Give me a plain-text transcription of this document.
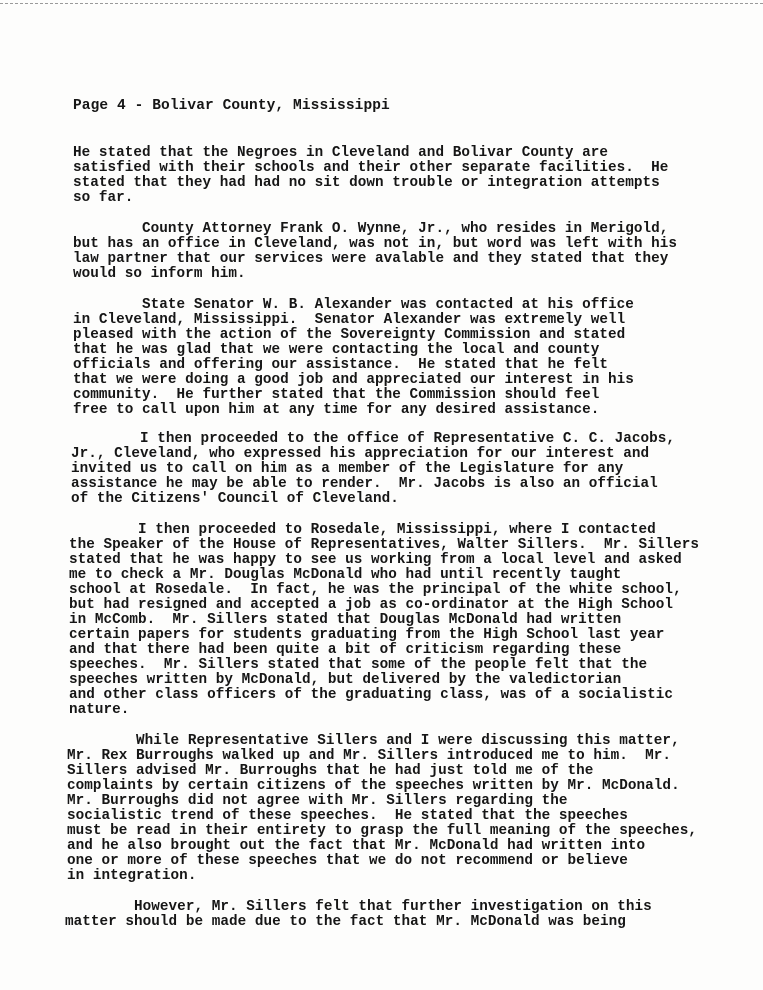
Page 4 - Bolivar County, Mississippi
He stated that the Negroes in Cleveland and Bolivar County are
satisfied with their schools and their other separate facilities.  He
stated that they had had no sit down trouble or integration attempts
so far.
County Attorney Frank O. Wynne, Jr., who resides in Merigold,
but has an office in Cleveland, was not in, but word was left with his
law partner that our services were avalable and they stated that they
would so inform him.
State Senator W. B. Alexander was contacted at his office
in Cleveland, Mississippi.  Senator Alexander was extremely well
pleased with the action of the Sovereignty Commission and stated
that he was glad that we were contacting the local and county
officials and offering our assistance.  He stated that he felt
that we were doing a good job and appreciated our interest in his
community.  He further stated that the Commission should feel
free to call upon him at any time for any desired assistance.
I then proceeded to the office of Representative C. C. Jacobs,
Jr., Cleveland, who expressed his appreciation for our interest and
invited us to call on him as a member of the Legislature for any
assistance he may be able to render.  Mr. Jacobs is also an official
of the Citizens' Council of Cleveland.
I then proceeded to Rosedale, Mississippi, where I contacted
the Speaker of the House of Representatives, Walter Sillers.  Mr. Sillers
stated that he was happy to see us working from a local level and asked
me to check a Mr. Douglas McDonald who had until recently taught
school at Rosedale.  In fact, he was the principal of the white school,
but had resigned and accepted a job as co-ordinator at the High School
in McComb.  Mr. Sillers stated that Douglas McDonald had written
certain papers for students graduating from the High School last year
and that there had been quite a bit of criticism regarding these
speeches.  Mr. Sillers stated that some of the people felt that the
speeches written by McDonald, but delivered by the valedictorian
and other class officers of the graduating class, was of a socialistic
nature.
While Representative Sillers and I were discussing this matter,
Mr. Rex Burroughs walked up and Mr. Sillers introduced me to him.  Mr.
Sillers advised Mr. Burroughs that he had just told me of the
complaints by certain citizens of the speeches written by Mr. McDonald.
Mr. Burroughs did not agree with Mr. Sillers regarding the
socialistic trend of these speeches.  He stated that the speeches
must be read in their entirety to grasp the full meaning of the speeches,
and he also brought out the fact that Mr. McDonald had written into
one or more of these speeches that we do not recommend or believe
in integration.
However, Mr. Sillers felt that further investigation on this
matter should be made due to the fact that Mr. McDonald was being
